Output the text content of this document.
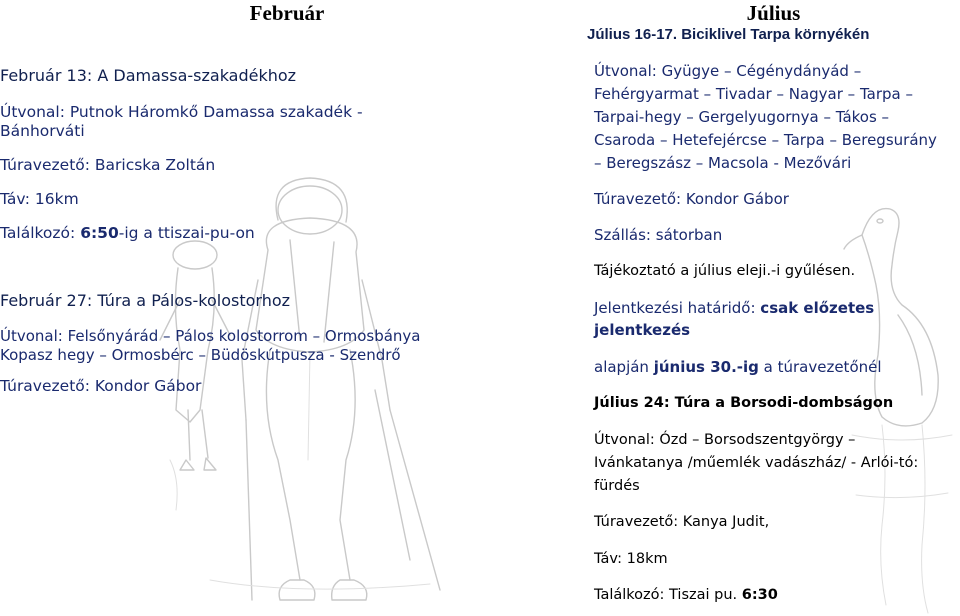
Február
Február 13: A Damassa-szakadékhoz
Útvonal: Putnok Háromkő Damassa szakadék - Bánhorváti
Túravezető: Baricska Zoltán
Táv: 16km
Találkozó: 6:50-ig a ttiszai-pu-on
Február 27: Túra a Pálos-kolostorhoz
Útvonal: Felsőnyárád – Pálos kolostorrom – Ormosbánya
Kopasz hegy – Ormosbérc – Büdöskútpusza - Szendrő
Túravezető: Kondor Gábor
Július
Július 16-17. Biciklivel Tarpa környékén
Útvonal: Gyügye – Cégénydányád –
Fehérgyarmat – Tivadar – Nagyar – Tarpa –
Tarpai-hegy – Gergelyugornya – Tákos –
Csaroda – Hetefejércse – Tarpa – Beregsurány
– Beregszász – Macsola - Mezővári
Túravezető: Kondor Gábor
Szállás: sátorban
Tájékoztató a július eleji.-i gyűlésen.
Jelentkezési határidő: csak előzetes
jelentkezés
alapján június 30.-ig a túravezetőnél
Július 24: Túra a Borsodi-dombságon
Útvonal: Ózd – Borsodszentgyörgy –
Ivánkatanya /műemlék vadászház/ - Arlói-tó:
fürdés
Túravezető: Kanya Judit,
Táv: 18km
Találkozó: Tiszai pu. 6:30
